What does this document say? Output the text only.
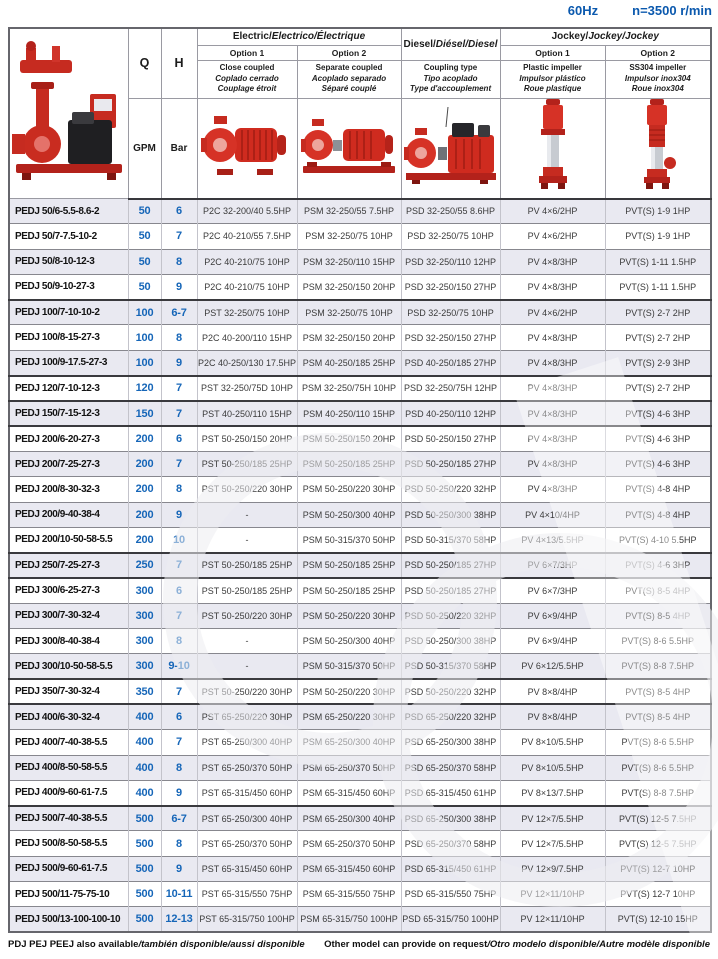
60Hz	n=3500 r/min
	Q	H	Electric/Electrico/Électrique		Diesel/Diésel/Diesel	Jockey/Jockey/Jockey	
			Option 1	Option 2		Option 1	Option 2

			Close coupled
Coplado cerrado
Couplage étroit	Separate coupled
Acoplado separado
Séparé couplé	Coupling type
Tipo acoplado
Type d'accouplement	Plastic impeller
Impulsor plástico
Roue plastique	SS304 impeller
Impulsor inox304
Roue inox304

	GPM	Bar					
PEDJ 50/6-5.5-8.6-2	50	6	P2C 32-200/40 5.5HP	PSM 32-250/55 7.5HP	PSD 32-250/55 8.6HP	PV 4×6/2HP	PVT(S) 1-9 1HP
PEDJ 50/7-7.5-10-2	50	7	P2C 40-210/55 7.5HP	PSM 32-250/75 10HP	PSD 32-250/75 10HP	PV 4×6/2HP	PVT(S) 1-9 1HP
PEDJ 50/8-10-12-3	50	8	P2C 40-210/75 10HP	PSM 32-250/110 15HP	PSD 32-250/110 12HP	PV 4×8/3HP	PVT(S) 1-11 1.5HP
PEDJ 50/9-10-27-3	50	9	P2C 40-210/75 10HP	PSM 32-250/150 20HP	PSD 32-250/150 27HP	PV 4×8/3HP	PVT(S) 1-11 1.5HP
PEDJ 100/7-10-10-2	100	6-7	PST 32-250/75 10HP	PSM 32-250/75 10HP	PSD 32-250/75 10HP	PV 4×6/2HP	PVT(S) 2-7 2HP
PEDJ 100/8-15-27-3	100	8	P2C 40-200/110 15HP	PSM 32-250/150 20HP	PSD 32-250/150 27HP	PV 4×8/3HP	PVT(S) 2-7 2HP
PEDJ 100/9-17.5-27-3	100	9	P2C 40-250/130 17.5HP	PSM 40-250/185 25HP	PSD 40-250/185 27HP	PV 4×8/3HP	PVT(S) 2-9 3HP
PEDJ 120/7-10-12-3	120	7	PST 32-250/75D 10HP	PSM 32-250/75H 10HP	PSD 32-250/75H 12HP	PV 4×8/3HP	PVT(S) 2-7 2HP
PEDJ 150/7-15-12-3	150	7	PST 40-250/110 15HP	PSM 40-250/110 15HP	PSD 40-250/110 12HP	PV 4×8/3HP	PVT(S) 4-6 3HP
PEDJ 200/6-20-27-3	200	6	PST 50-250/150 20HP	PSM 50-250/150 20HP	PSD 50-250/150 27HP	PV 4×8/3HP	PVT(S) 4-6 3HP
PEDJ 200/7-25-27-3	200	7	PST 50-250/185 25HP	PSM 50-250/185 25HP	PSD 50-250/185 27HP	PV 4×8/3HP	PVT(S) 4-6 3HP
PEDJ 200/8-30-32-3	200	8	PST 50-250/220 30HP	PSM 50-250/220 30HP	PSD 50-250/220 32HP	PV 4×8/3HP	PVT(S) 4-8 4HP
PEDJ 200/9-40-38-4	200	9	-	PSM 50-250/300 40HP	PSD 50-250/300 38HP	PV 4×10/4HP	PVT(S) 4-8 4HP
PEDJ 200/10-50-58-5.5	200	10	-	PSM 50-315/370 50HP	PSD 50-315/370 58HP	PV 4×13/5.5HP	PVT(S) 4-10 5.5HP
PEDJ 250/7-25-27-3	250	7	PST 50-250/185 25HP	PSM 50-250/185 25HP	PSD 50-250/185 27HP	PV 6×7/3HP	PVT(S) 4-6 3HP
PEDJ 300/6-25-27-3	300	6	PST 50-250/185 25HP	PSM 50-250/185 25HP	PSD 50-250/185 27HP	PV 6×7/3HP	PVT(S) 8-5 4HP
PEDJ 300/7-30-32-4	300	7	PST 50-250/220 30HP	PSM 50-250/220 30HP	PSD 50-250/220 32HP	PV 6×9/4HP	PVT(S) 8-5 4HP
PEDJ 300/8-40-38-4	300	8	-	PSM 50-250/300 40HP	PSD 50-250/300 38HP	PV 6×9/4HP	PVT(S) 8-6 5.5HP
PEDJ 300/10-50-58-5.5	300	9-10	-	PSM 50-315/370 50HP	PSD 50-315/370 58HP	PV 6×12/5.5HP	PVT(S) 8-8 7.5HP
PEDJ 350/7-30-32-4	350	7	PST 50-250/220 30HP	PSM 50-250/220 30HP	PSD 50-250/220 32HP	PV 8×8/4HP	PVT(S) 8-5 4HP
PEDJ 400/6-30-32-4	400	6	PST 65-250/220 30HP	PSM 65-250/220 30HP	PSD 65-250/220 32HP	PV 8×8/4HP	PVT(S) 8-5 4HP
PEDJ 400/7-40-38-5.5	400	7	PST 65-250/300 40HP	PSM 65-250/300 40HP	PSD 65-250/300 38HP	PV 8×10/5.5HP	PVT(S) 8-6 5.5HP
PEDJ 400/8-50-58-5.5	400	8	PST 65-250/370 50HP	PSM 65-250/370 50HP	PSD 65-250/370 58HP	PV 8×10/5.5HP	PVT(S) 8-6 5.5HP
PEDJ 400/9-60-61-7.5	400	9	PST 65-315/450 60HP	PSM 65-315/450 60HP	PSD 65-315/450 61HP	PV 8×13/7.5HP	PVT(S) 8-8 7.5HP
PEDJ 500/7-40-38-5.5	500	6-7	PST 65-250/300 40HP	PSM 65-250/300 40HP	PSD 65-250/300 38HP	PV 12×7/5.5HP	PVT(S) 12-5 7.5HP
PEDJ 500/8-50-58-5.5	500	8	PST 65-250/370 50HP	PSM 65-250/370 50HP	PSD 65-250/370 58HP	PV 12×7/5.5HP	PVT(S) 12-5 7.5HP
PEDJ 500/9-60-61-7.5	500	9	PST 65-315/450 60HP	PSM 65-315/450 60HP	PSD 65-315/450 61HP	PV 12×9/7.5HP	PVT(S) 12-7 10HP
PEDJ 500/11-75-75-10	500	10-11	PST 65-315/550 75HP	PSM 65-315/550 75HP	PSD 65-315/550 75HP	PV 12×11/10HP	PVT(S) 12-7 10HP
PEDJ 500/13-100-100-10	500	12-13	PST 65-315/750 100HP	PSM 65-315/750 100HP	PSD 65-315/750 100HP	PV 12×11/10HP	PVT(S) 12-10 15HP
PDJ PEJ PEEJ also available/también disponible/aussi disponible Other model can provide on request/Otro modelo disponible/Autre modèle disponible
